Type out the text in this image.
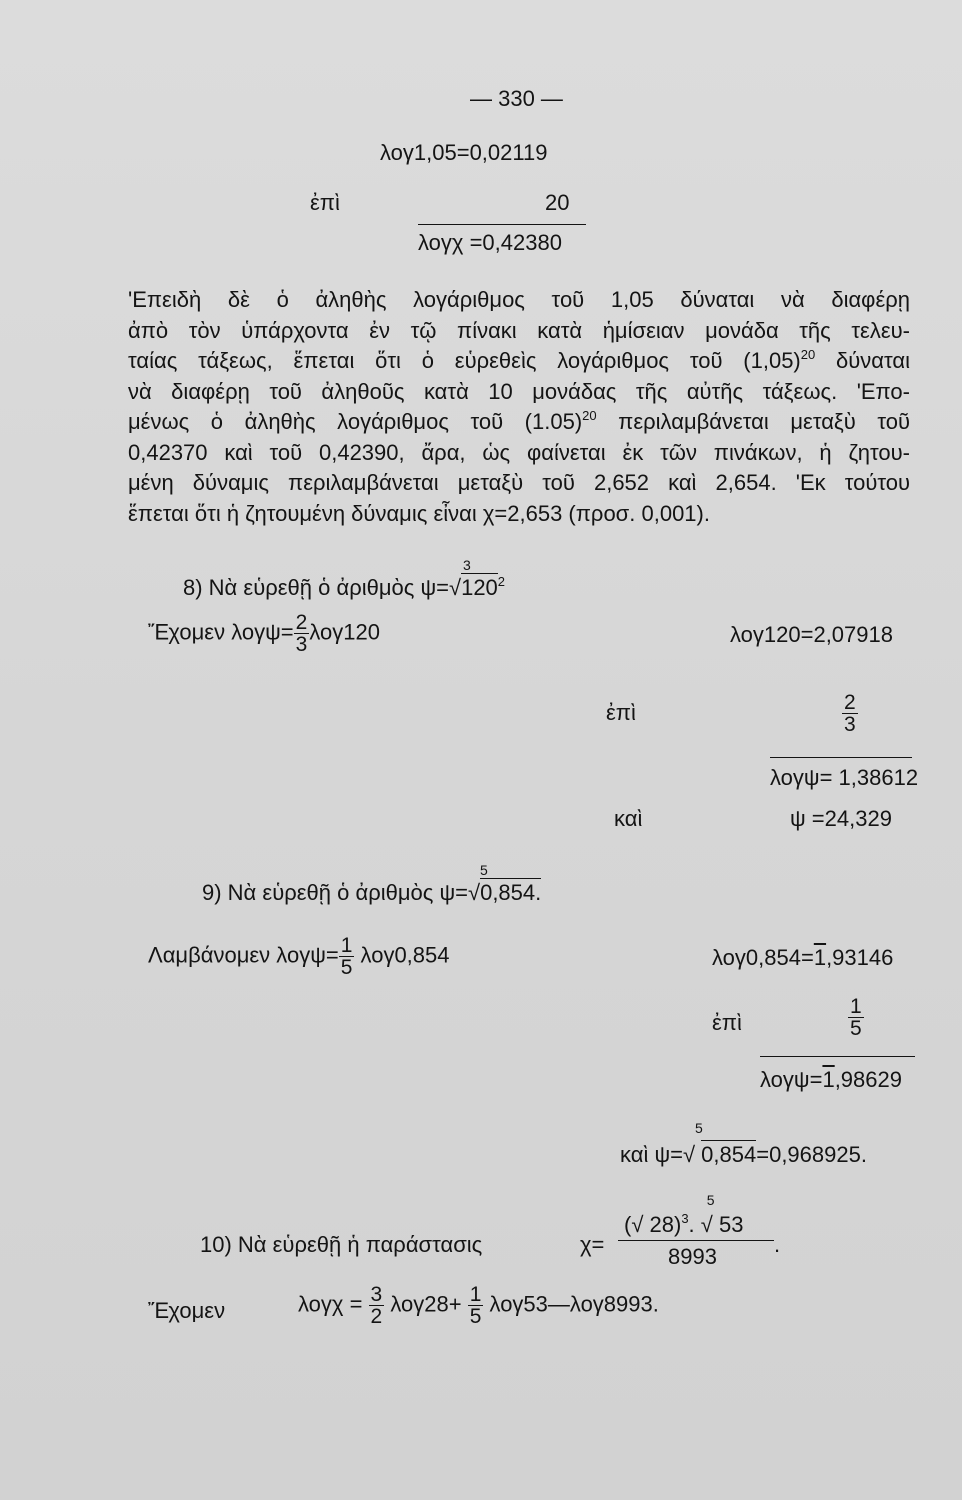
— 330 —
λογ1,05=0,02119
ἐπὶ	20
λογχ =0,42380
'Επειδὴ δὲ ὁ ἀληθὴς λογάριθμος τοῦ 1,05 δύναται νὰ διαφέρῃ
ἀπὸ τὸν ὑπάρχοντα ἐν τῷ πίνακι κατὰ ἡμίσειαν μονάδα τῆς τελευ-
ταίας τάξεως, ἕπεται ὅτι ὁ εὑρεθεὶς λογάριθμος τοῦ $(1,05)^{20}$ δύναται
νὰ διαφέρῃ τοῦ ἀληθοῦς κατὰ 10 μονάδας τῆς αὐτῆς τάξεως. 'Επο-
μένως ὁ ἀληθὴς λογάριθμος τοῦ $(1.05)^{20}$ περιλαμβάνεται μεταξὺ τοῦ
0,42370 καὶ τοῦ 0,42390, ἄρα, ὡς φαίνεται ἐκ τῶν πινάκων, ἡ ζητου-
μένη δύναμις περιλαμβάνεται μεταξὺ τοῦ 2,652 καὶ 2,654. 'Εκ τούτου
ἕπεται ὅτι ἡ ζητουμένη δύναμις εἶναι χ=2,653 (προσ. 0,001).
8) Νὰ εὑρεθῇ ὁ ἀριθμὸς ψ=
3
$√120^2$
Ἔχομεν $\lambda o\gamma\psi= \frac{2}{3} \lambda o\gamma 120$	λογ120=2,07918
ἐπὶ	$\frac{2}{3}$
λογψ= 1,38612
καὶ	ψ =24,329
9) Νὰ εὑρεθῇ ὁ ἀριθμὸς ψ=
5
√0,854.
Λαμβάνομεν $\lambda o\gamma\psi= \frac{1}{5} \lambda o\gamma 0,854$	λογ0,854=1,93146
ἐπὶ	$\frac{1}{5}$
λογψ=1,98629
καὶ ψ=
5
√ 0,854=0,968925.
10) Νὰ εὑρεθῇ ἡ παράστασις	χ=
(√ 28)$^3$.
5
√ 53
8993	.
Ἔχομεν	$\lambda o\gamma\chi = \frac{3}{2} \lambda o\gamma 28+ \frac{1}{5}$ λογ53—λογ8993.
